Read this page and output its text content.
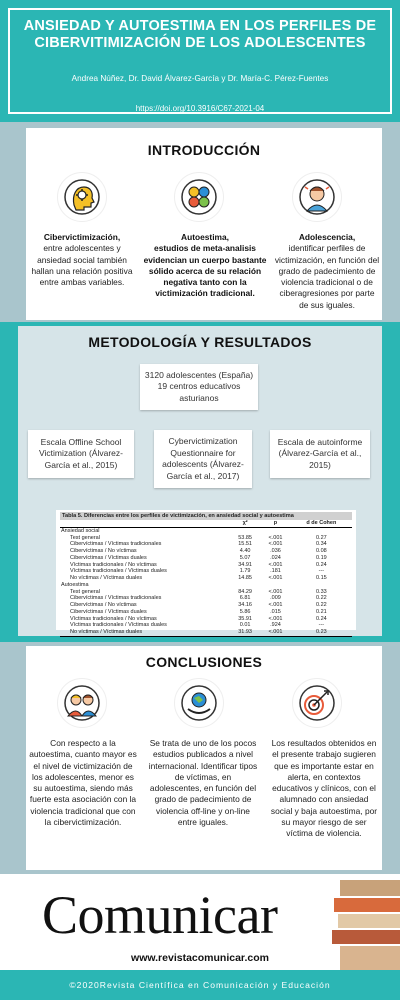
ANSIEDAD Y AUTOESTIMA EN LOS PERFILES DE
CIBERVITIMIZACIÓN DE LOS ADOLESCENTES
Andrea Núñez, Dr. David Álvarez-García y Dr. María-C. Pérez-Fuentes
https://doi.org/10.3916/C67-2021-04
INTRODUCCIÓN
Cibervictimización,
entre adolescentes y ansiedad social también hallan una relación positiva entre ambas variables.
Autoestima,
estudios de meta-analisis evidencian un cuerpo bastante sólido acerca de su relación negativa tanto con la victimización tradicional.
Adolescencia,
identificar perfiles de victimización, en función del grado de padecimiento de violencia tradicional o de ciberagresiones por parte de sus iguales.
METODOLOGÍA Y RESULTADOS
3120 adolescentes (España) 19 centros educativos asturianos
Escala Offline School Victimization (Álvarez-García et al., 2015)
Cybervictimization Questionnaire for adolescents (Álvarez-García et al., 2017)
Escala de autoinforme (Álvarez-García et al., 2015)
Tabla 5. Diferencias entre los perfiles de victimización, en ansiedad social y autoestima
	χ²	p	d de Cohen
Ansiedad social			
Test general	53.85	<.001	0.27
Cibervíctimas / Víctimas tradicionales	15.51	<.001	0.34
Cibervíctimas / No víctimas	4.40	.036	0.08
Cibervíctimas / Víctimas duales	5.07	.024	0.19
Víctimas tradicionales / No víctimas	34.91	<.001	0.24
Víctimas tradicionales / Víctimas duales	1.79	.181	---
No víctimas / Víctimas duales	14.85	<.001	0.15
Autoestima			
Test general	84.29	<.001	0.33
Cibervíctimas / Víctimas tradicionales	6.81	.009	0.22
Cibervíctimas / No víctimas	34.16	<.001	0.22
Cibervíctimas / Víctimas duales	5.86	.015	0.21
Víctimas tradicionales / No víctimas	35.91	<.001	0.24
Víctimas tradicionales / Víctimas duales	0.01	.924	---
No víctimas / Víctimas duales	31.93	<.001	0.23
CONCLUSIONES
Con respecto a la autoestima, cuanto mayor es el nivel de victimización de los adolescentes, menor es su autoestima, siendo más fuerte esta asociación con la violencia tradicional que con la cibervictimización.
Se trata de uno de los pocos estudios publicados a nivel internacional. Identificar tipos de víctimas, en adolescentes, en función del grado de padecimiento de violencia off-line y on-line entre iguales.
Los resultados obtenidos en el presente trabajo sugieren que es importante estar en alerta, en contextos educativos y clínicos, con el alumnado con ansiedad social y baja autoestima, por su mayor riesgo de ser víctima de violencia.
Comunicar
www.revistacomunicar.com
©2020Revista Científica en Comunicación y Educación
